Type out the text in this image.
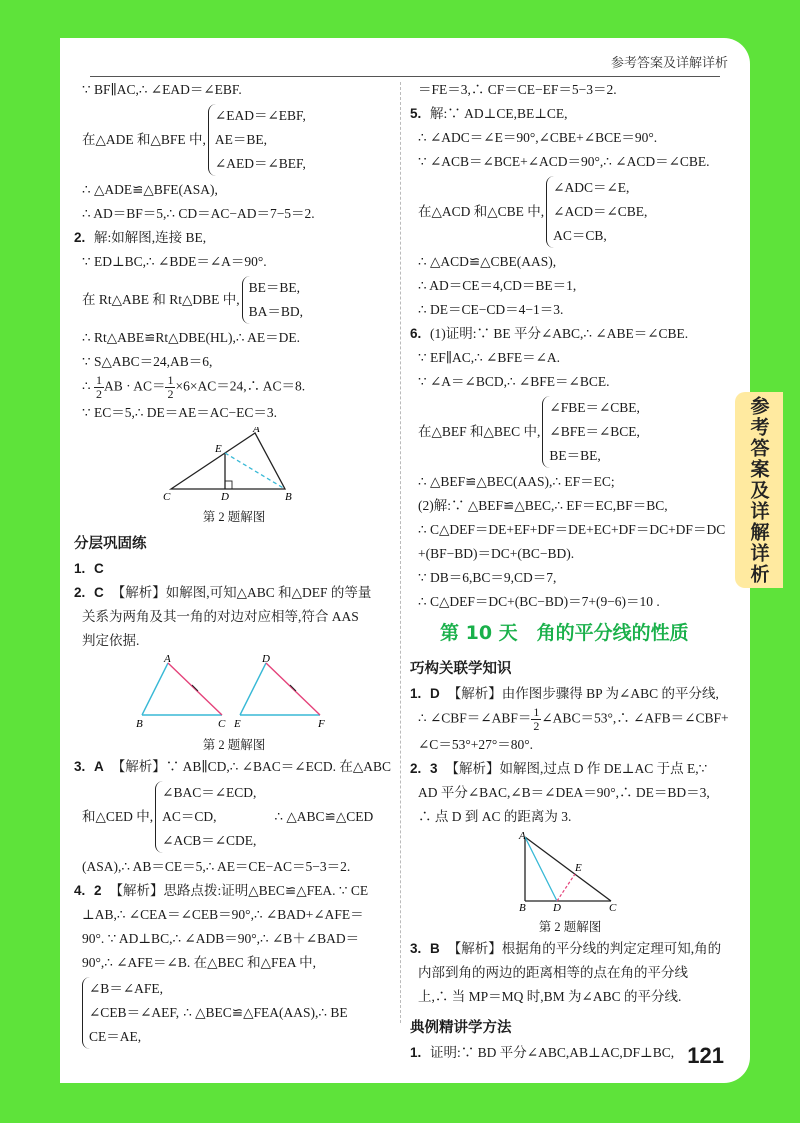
参考答案及详解详析
∵ BF∥AC,∴ ∠EAD＝∠EBF.
在△ADE 和△BFE 中,
∠EAD＝∠EBF,
AE＝BE,
∠AED＝∠BEF,
∴ △ADE≌△BFE(ASA),
∴ AD＝BF＝5,∴ CD＝AC−AD＝7−5＝2.
2. 解:如解图,连接 BE,
∵ ED⊥BC,∴ ∠BDE＝∠A＝90°.
在 Rt△ABE 和 Rt△DBE 中,
BE＝BE,
BA＝BD,
∴ Rt△ABE≌Rt△DBE(HL),∴ AE＝DE.
∵ S△ABC＝24,AB＝6,
∴ $\frac{1}{2}$ AB · $AC= \frac{1}{2}$ ×6×AC＝24,∴ AC＝8.
∵ EC＝5,∴ DE＝AE＝AC−EC＝3.
A
E
C	D	B
第 2 题解图
分层巩固练
1. C
2. C 【解析】如解图,可知△ABC 和△DEF 的等量
关系为两角及其一角的对边对应相等,符合 AAS
判定依据.
A
B	C
D
E	F
第 2 题解图
3. A 【解析】∵ AB∥CD,∴ ∠BAC＝∠ECD. 在△ABC
和△CED 中,
∠BAC＝∠ECD,
AC＝CD,
∠ACB＝∠CDE,
∴ △ABC≌△CED
(ASA),∴ AB＝CE＝5,∴ AE＝CE−AC＝5−3＝2.
4. 2 【解析】思路点拨:证明△BEC≌△FEA. ∵ CE
⊥AB,∴ ∠CEA＝∠CEB＝90°,∴ ∠BAD+∠AFE＝
90°. ∵ AD⊥BC,∴ ∠ADB＝90°,∴ ∠B＋∠BAD＝
90°,∴ ∠AFE＝∠B. 在△BEC 和△FEA 中,
∠B＝∠AFE,
∠CEB＝∠AEF,
CE＝AE,
∴ △BEC≌△FEA(AAS),∴ BE
＝FE＝3,∴ CF＝CE−EF＝5−3＝2.
5. 解:∵ AD⊥CE,BE⊥CE,
∴ ∠ADC＝∠E＝90°,∠CBE+∠BCE＝90°.
∵ ∠ACB＝∠BCE+∠ACD＝90°,∴ ∠ACD＝∠CBE.
在△ACD 和△CBE 中,
∠ADC＝∠E,
∠ACD＝∠CBE,
AC＝CB,
∴ △ACD≌△CBE(AAS),
∴ AD＝CE＝4,CD＝BE＝1,
∴ DE＝CE−CD＝4−1＝3.
6. (1)证明:∵ BE 平分∠ABC,∴ ∠ABE＝∠CBE.
∵ EF∥AC,∴ ∠BFE＝∠A.
∵ ∠A＝∠BCD,∴ ∠BFE＝∠BCE.
在△BEF 和△BEC 中,
∠FBE＝∠CBE,
∠BFE＝∠BCE,
BE＝BE,
∴ △BEF≌△BEC(AAS),∴ EF＝EC;
(2)解:∵ △BEF≌△BEC,∴ EF＝EC,BF＝BC,
∴ C△DEF＝DE+EF+DF＝DE+EC+DF＝DC+DF＝DC
+(BF−BD)＝DC+(BC−BD).
∵ DB＝6,BC＝9,CD＝7,
∴ C△DEF＝DC+(BC−BD)＝7+(9−6)＝10 .
第 10 天　角的平分线的性质
巧构关联学知识
1. D 【解析】由作图步骤得 BP 为∠ABC 的平分线,
∴ ∠CBF＝∠ABF＝ $\frac{1}{2}$ ∠ABC＝53°,∴ ∠AFB＝∠CBF+
∠C＝53°+27°＝80°.
2. 3 【解析】如解图,过点 D 作 DE⊥AC 于点 E,∵
AD 平分∠BAC,∠B＝∠DEA＝90°,∴ DE＝BD＝3,
∴ 点 D 到 AC 的距离为 3.
A
E
B D	C
第 2 题解图
3. B 【解析】根据角的平分线的判定定理可知,角的
内部到角的两边的距离相等的点在角的平分线
上,∴ 当 MP＝MQ 时,BM 为∠ABC 的平分线.
典例精讲学方法
1. 证明:∵ BD 平分∠ABC,AB⊥AC,DF⊥BC, 121
参考答案及详解详析
